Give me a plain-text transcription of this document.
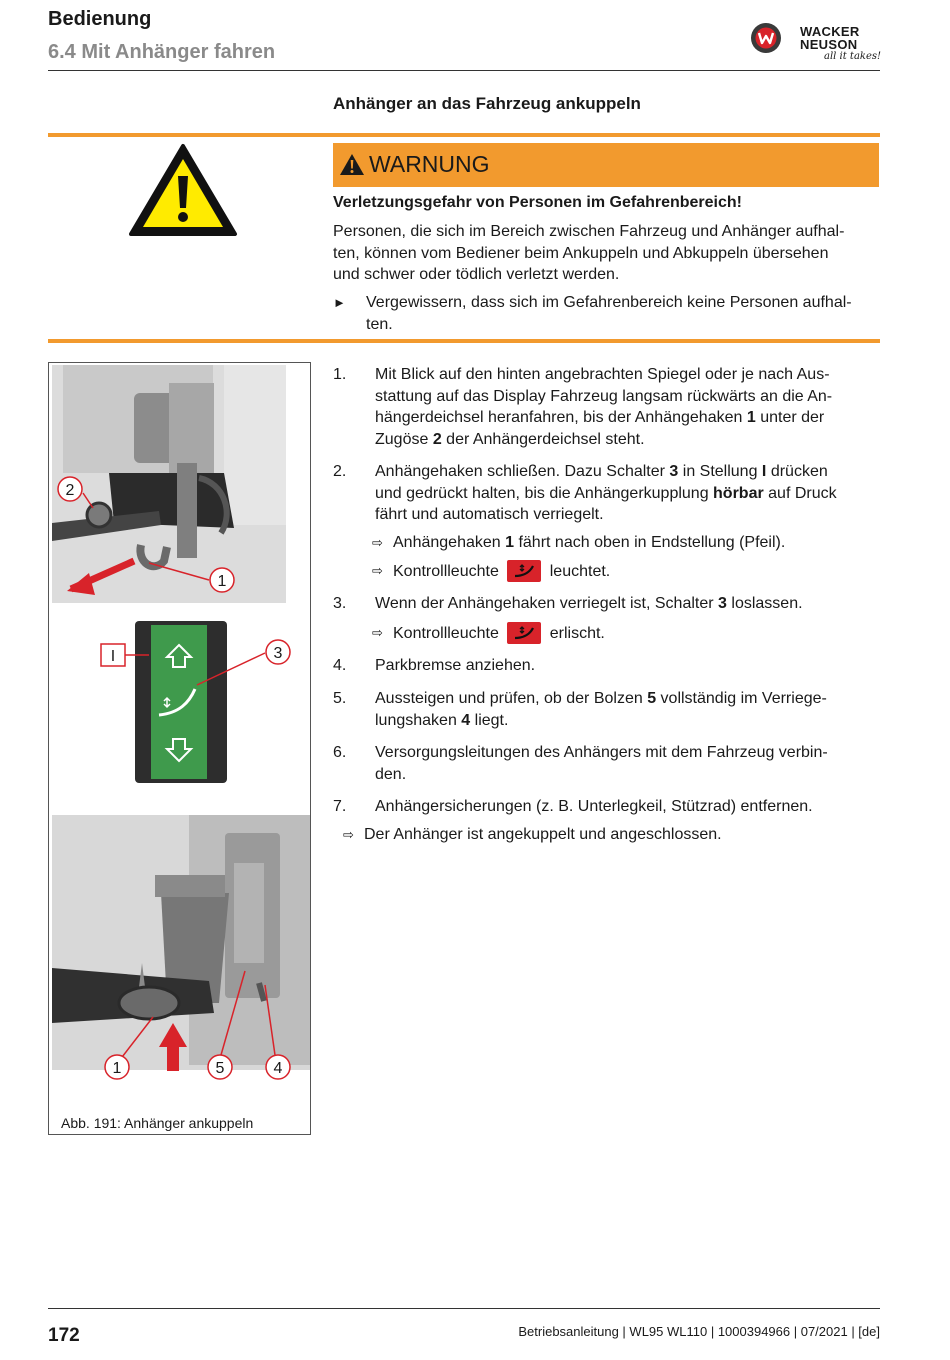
Bedienung
6.4 Mit Anhänger fahren
WACKER
NEUSON
all it takes!
Anhänger an das Fahrzeug ankuppeln
WARNUNG
Verletzungsgefahr von Personen im Gefahrenbereich!
Personen, die sich im Bereich zwischen Fahrzeug und Anhänger aufhal-
ten, können vom Bediener beim Ankuppeln und Abkuppeln übersehen
und schwer oder tödlich verletzt werden.
► Vergewissern, dass sich im Gefahrenbereich keine Personen aufhal-
ten.
2
1
I	3
1	5	4
Abb. 191: Anhänger ankuppeln
1. Mit Blick auf den hinten angebrachten Spiegel oder je nach Aus-
stattung auf das Display Fahrzeug langsam rückwärts an die An-
hängerdeichsel heranfahren, bis der Anhängehaken 1 unter der
Zugöse 2 der Anhängerdeichsel steht.
2. Anhängehaken schließen. Dazu Schalter 3 in Stellung I drücken
und gedrückt halten, bis die Anhängerkupplung hörbar auf Druck
fährt und automatisch verriegelt.
⇨ Anhängehaken 1 fährt nach oben in Endstellung (Pfeil).
⇨ Kontrollleuchte	leuchtet.
3. Wenn der Anhängehaken verriegelt ist, Schalter 3 loslassen.
⇨ Kontrollleuchte	erlischt.
4. Parkbremse anziehen.
5. Aussteigen und prüfen, ob der Bolzen 5 vollständig im Verriege-
lungshaken 4 liegt.
6. Versorgungsleitungen des Anhängers mit dem Fahrzeug verbin-
den.
7. Anhängersicherungen (z. B. Unterlegkeil, Stützrad) entfernen.
⇨ Der Anhänger ist angekuppelt und angeschlossen.
172	Betriebsanleitung | WL95 WL110 | 1000394966 | 07/2021 | [de]
